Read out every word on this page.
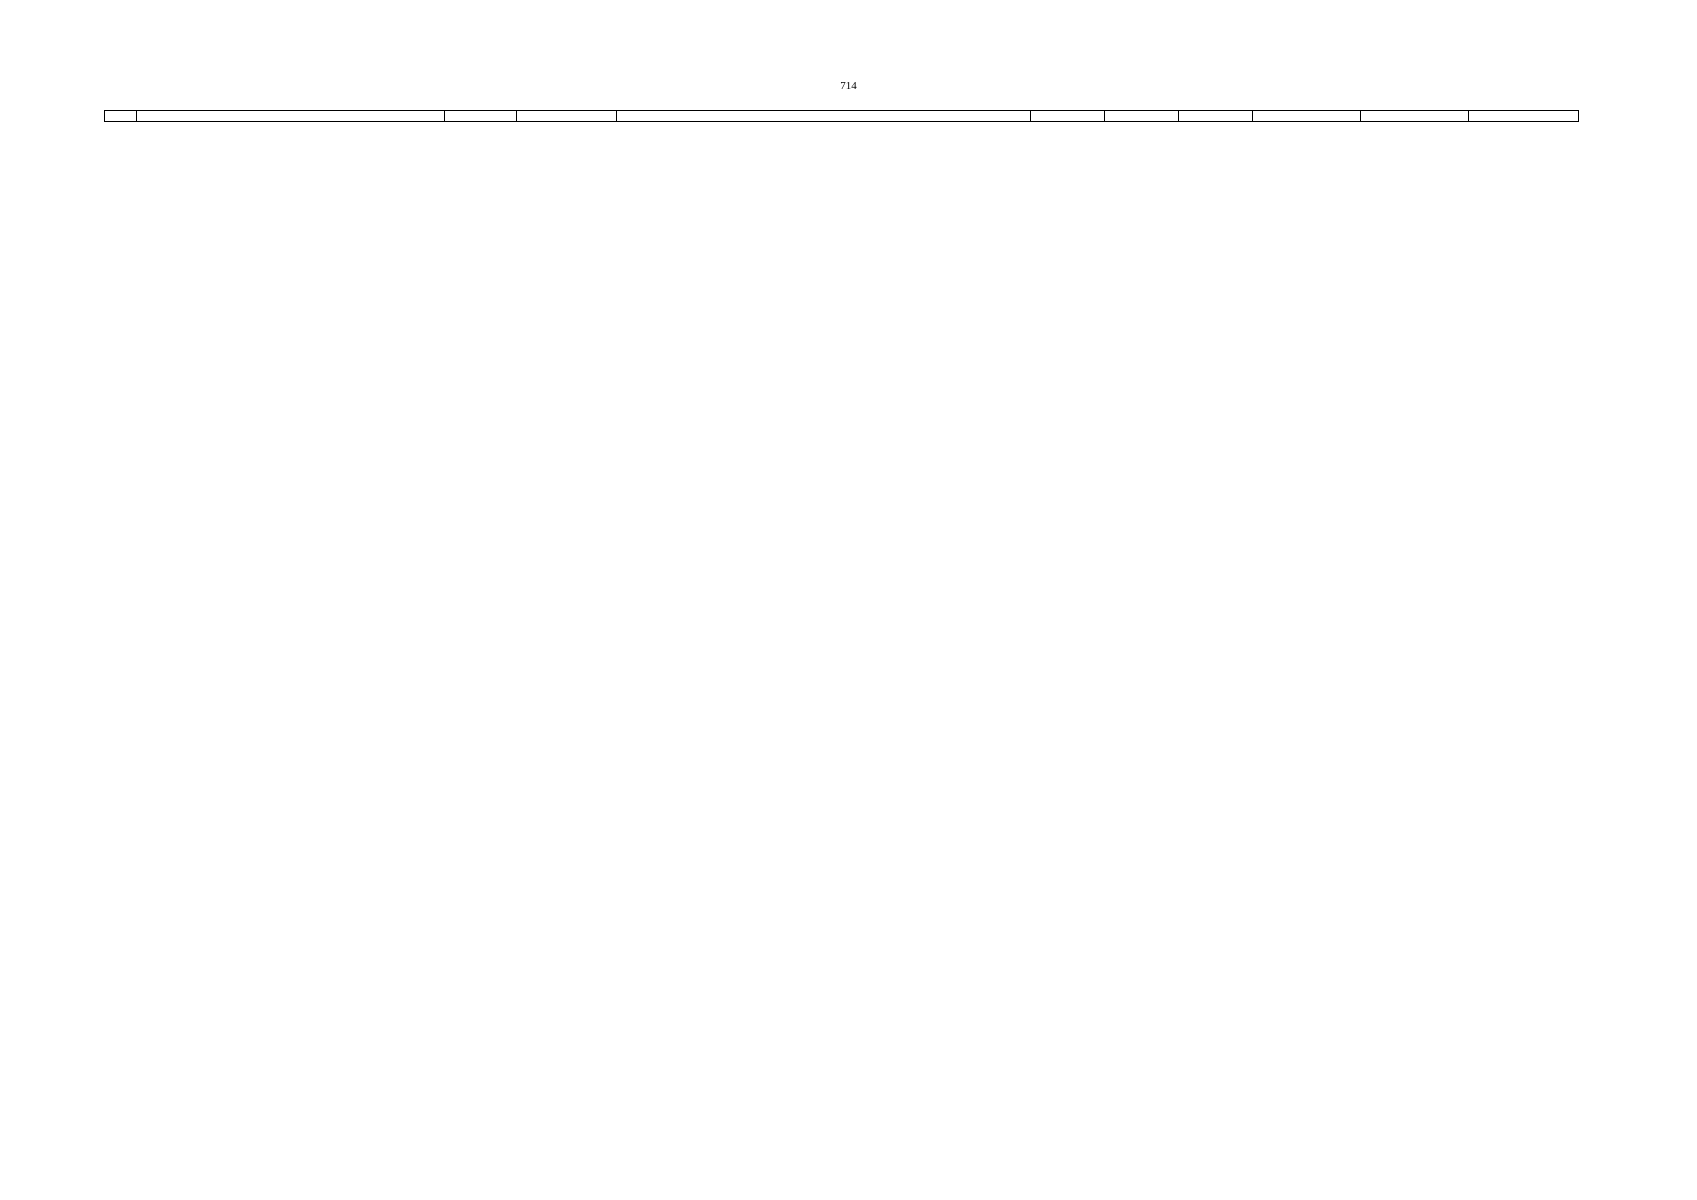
714
